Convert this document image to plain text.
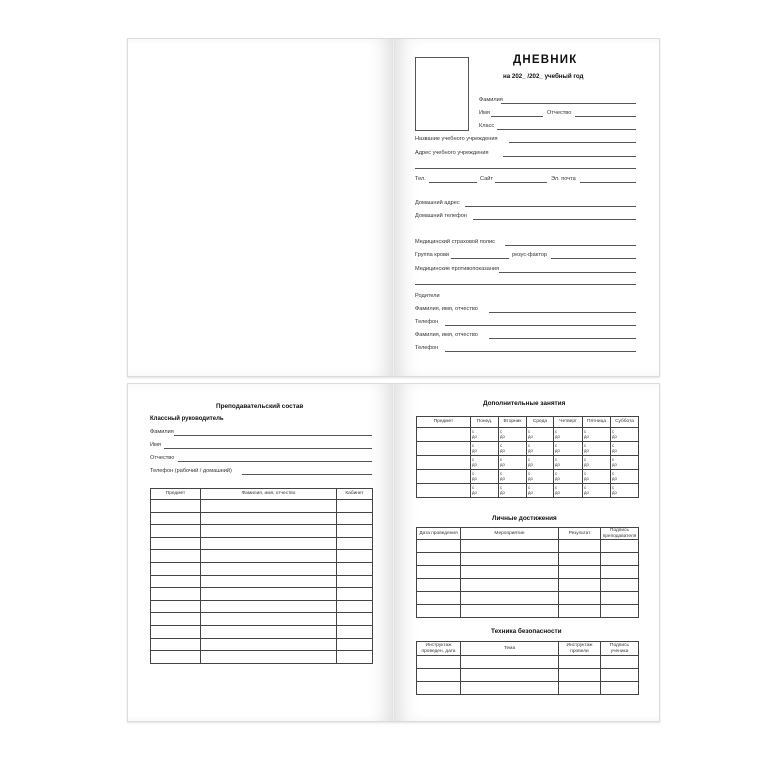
ДНЕВНИК
на 202_ /202_ учебный год
Фамилия
Имя	Отчество
Класс
Название учебного учреждения
Адрес учебного учреждения
Тел.	Сайт	Эл. почта
Домашний адрес
Домашний телефон
Медицинский страховой полис
Группа крови	резус-фактор
Медицинские противопоказания
Родители
Фамилия, имя, отчество
Телефон
Фамилия, имя, отчество
Телефон
Преподавательский состав
Классный руководитель
Фамилия
Имя
Отчество
Телефон (рабочий / домашний)
Предмет	Фамилия, имя, отчество	Кабинет

Дополнительные занятия
Предмет	Понед.	Вторник	Среда	Четверг	Пятница	Суббота

	с
до	с
до	с
до	с
до	с
до	с
до

	с
до	с
до	с
до	с
до	с
до	с
до

	с
до	с
до	с
до	с
до	с
до	с
до

	с
до	с
до	с
до	с
до	с
до	с
до

	с
до	с
до	с
до	с
до	с
до	с
до
Личные достижения
Дата проведения	Мероприятие	Результат	Подпись преподавателя

Техника безопасности
Инструктаж проведен, дата	Тема	Инструктаж провели	Подпись ученика
